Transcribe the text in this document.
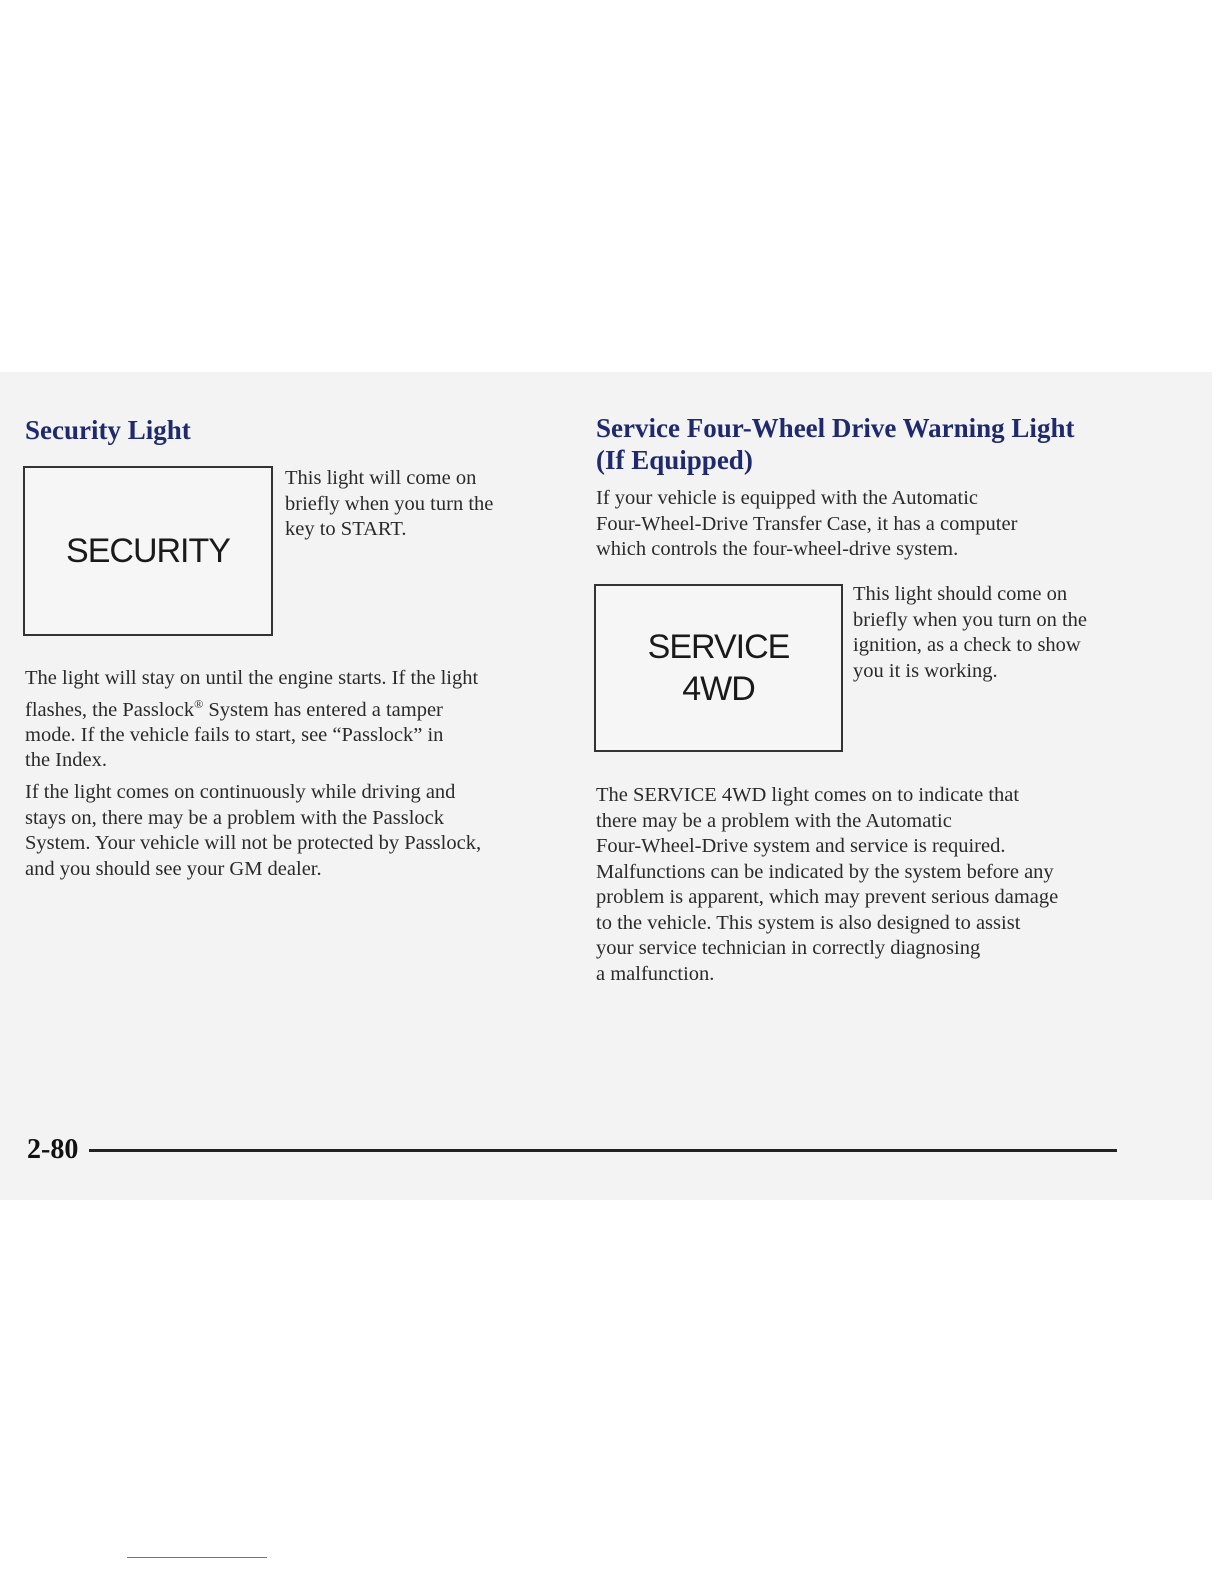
Security Light
SECURITY

This light will come on
briefly when you turn the
key to START.

The light will stay on until the engine starts. If the light
flashes, the Passlock® System has entered a tamper
mode. If the vehicle fails to start, see “Passlock” in
the Index.

If the light comes on continuously while driving and
stays on, there may be a problem with the Passlock
System. Your vehicle will not be protected by Passlock,
and you should see your GM dealer.

Service Four-Wheel Drive Warning Light
(If Equipped)

If your vehicle is equipped with the Automatic
Four-Wheel-Drive Transfer Case, it has a computer
which controls the four-wheel-drive system.

SERVICE
4WD

This light should come on
briefly when you turn on the
ignition, as a check to show
you it is working.

The SERVICE 4WD light comes on to indicate that
there may be a problem with the Automatic
Four-Wheel-Drive system and service is required.
Malfunctions can be indicated by the system before any
problem is apparent, which may prevent serious damage
to the vehicle. This system is also designed to assist
your service technician in correctly diagnosing
a malfunction.

2-80
